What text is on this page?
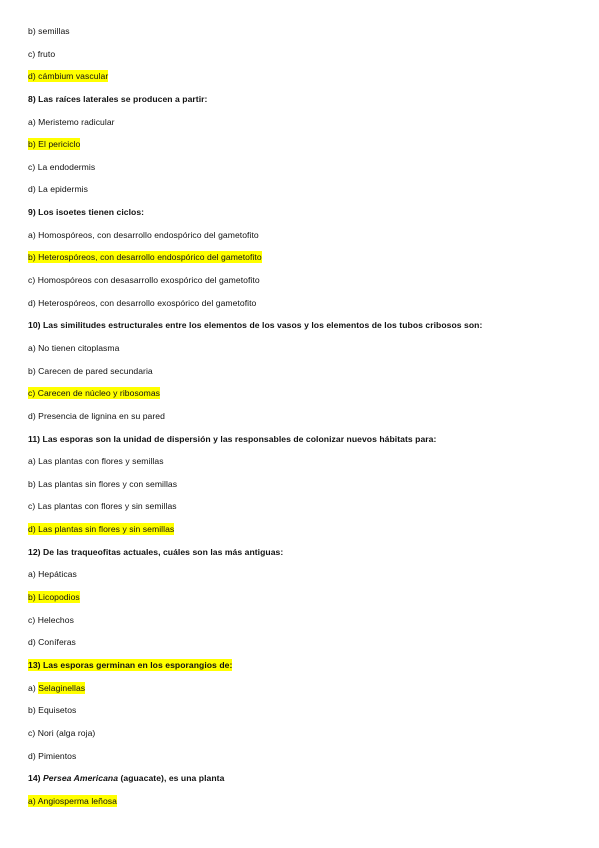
b) semillas
c) fruto
d) cámbium vascular
8) Las raíces laterales se producen a partir:
a) Meristemo radicular
b) El periciclo
c) La endodermis
d) La epidermis
9) Los isoetes tienen ciclos:
a) Homospóreos, con desarrollo endospórico del gametofito
b) Heterospóreos, con desarrollo endospórico del gametofito
c) Homospóreos con desasarrollo exospórico del gametofito
d) Heterospóreos, con desarrollo exospórico del gametofito
10) Las similitudes estructurales entre los elementos de los vasos y los elementos de los tubos cribosos son:
a) No tienen citoplasma
b) Carecen de pared secundaria
c) Carecen de núcleo y ribosomas
d) Presencia de lignina en su pared
11) Las esporas son la unidad de dispersión y las responsables de colonizar nuevos hábitats para:
a) Las plantas con flores y semillas
b) Las plantas sin flores y con semillas
c) Las plantas con flores y sin semillas
d) Las plantas sin flores y sin semillas
12) De las traqueofitas actuales, cuáles son las más antiguas:
a) Hepáticas
b) Licopodios
c) Helechos
d) Coníferas
13) Las esporas germinan en los esporangios de:
a) Selaginellas
b) Equisetos
c) Nori (alga roja)
d) Pimientos
14) Persea Americana (aguacate), es una planta
a) Angiosperma leñosa
